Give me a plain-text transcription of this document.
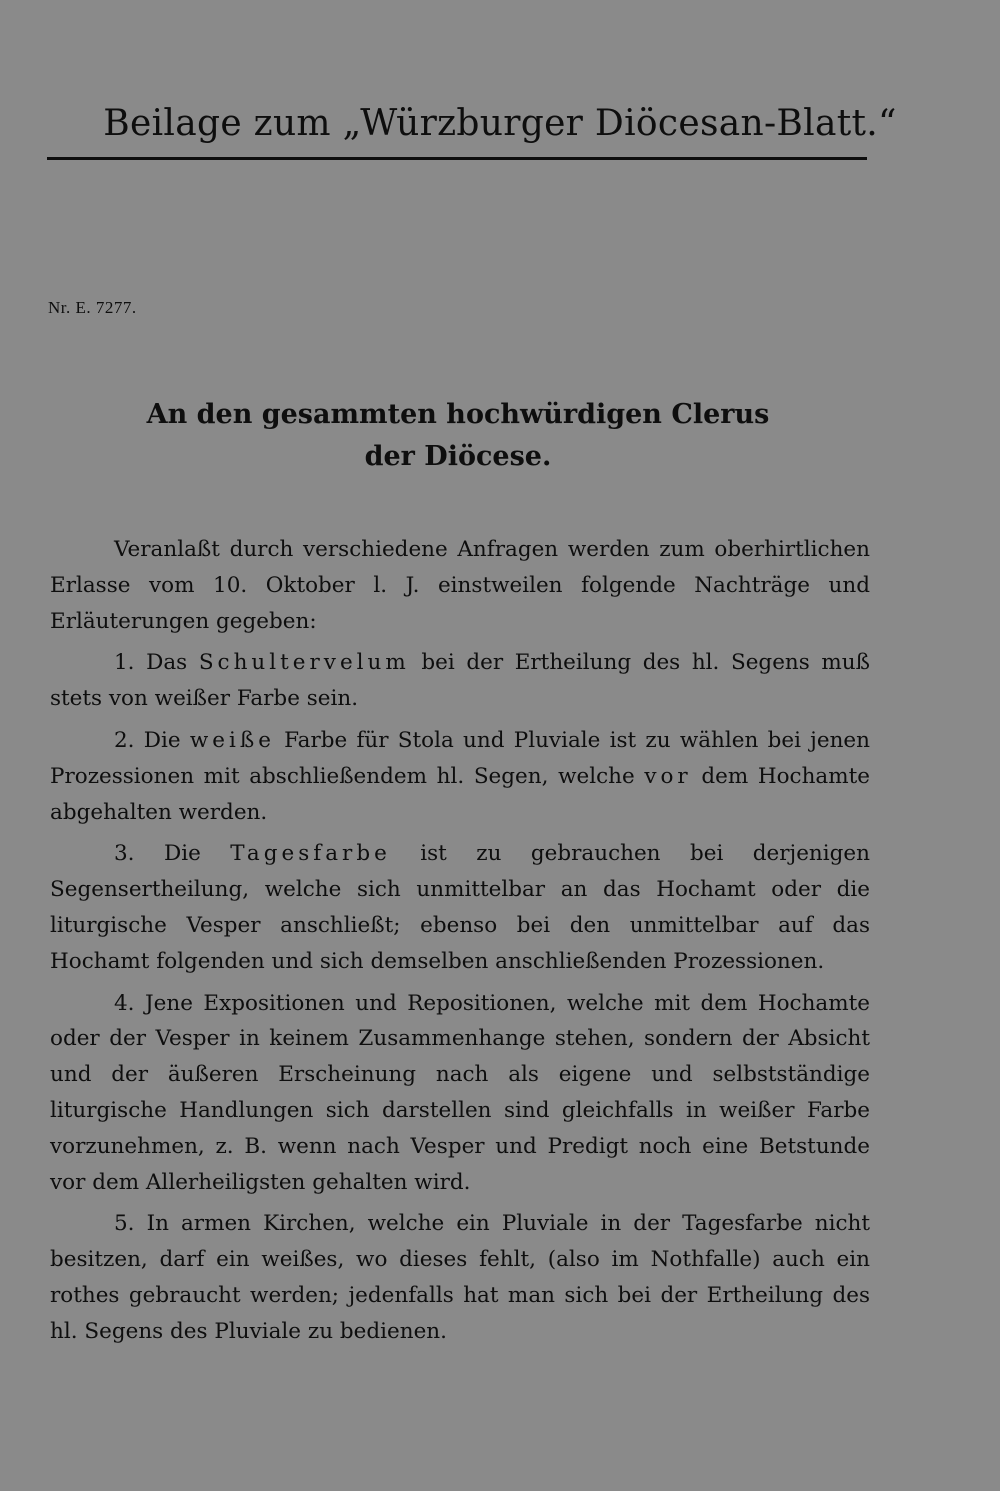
Beilage zum „Würzburger Diöcesan-Blatt.“
Nr. E. 7277.
An den gesammten hochwürdigen Clerus
der Diöcese.

Veranlaßt durch verschiedene Anfragen werden zum oberhirtlichen Erlasse vom 10. Oktober l. J. einstweilen folgende Nachträge und Erläuterungen gegeben:

1. Das Schultervelum bei der Ertheilung des hl. Segens muß stets von weißer Farbe sein.

2. Die weiße Farbe für Stola und Pluviale ist zu wählen bei jenen Prozessionen mit abschließendem hl. Segen, welche vor dem Hochamte abgehalten werden.

3. Die Tagesfarbe ist zu gebrauchen bei derjenigen Segensertheilung, welche sich unmittelbar an das Hochamt oder die liturgische Vesper anschließt; ebenso bei den unmittelbar auf das Hochamt folgenden und sich demselben anschließenden Prozessionen.

4. Jene Expositionen und Repositionen, welche mit dem Hochamte oder der Vesper in keinem Zusammenhange stehen, sondern der Absicht und der äußeren Erscheinung nach als eigene und selbstständige liturgische Handlungen sich darstellen sind gleichfalls in weißer Farbe vorzunehmen, z. B. wenn nach Vesper und Predigt noch eine Betstunde vor dem Allerheiligsten gehalten wird.

5. In armen Kirchen, welche ein Pluviale in der Tagesfarbe nicht besitzen, darf ein weißes, wo dieses fehlt, (also im Nothfalle) auch ein rothes gebraucht werden; jedenfalls hat man sich bei der Ertheilung des hl. Segens des Pluviale zu bedienen.
